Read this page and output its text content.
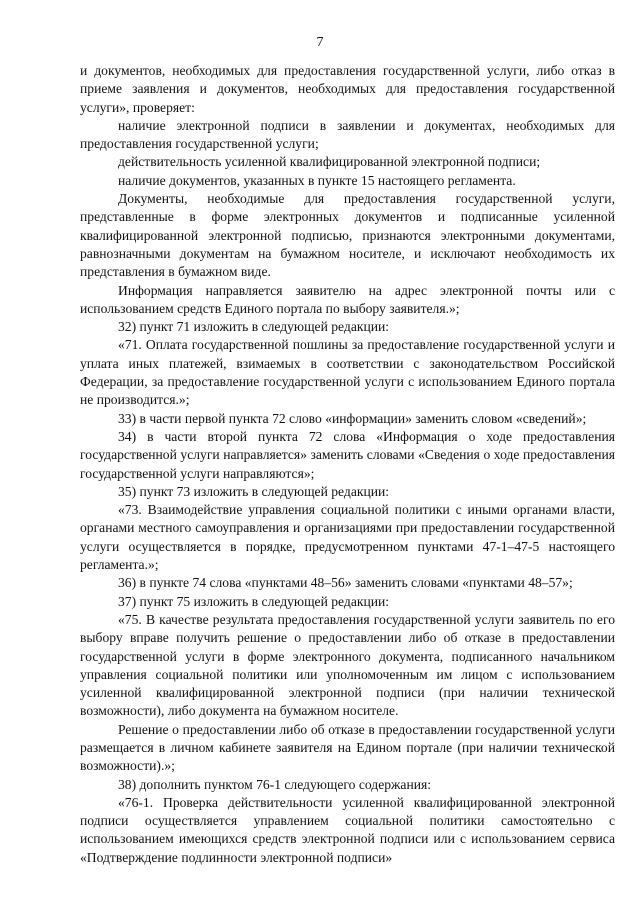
7

и документов, необходимых для предоставления государственной услуги, либо отказ в приеме заявления и документов, необходимых для предоставления государственной услуги», проверяет:

наличие электронной подписи в заявлении и документах, необходимых для предоставления государственной услуги;

действительность усиленной квалифицированной электронной подписи;

наличие документов, указанных в пункте 15 настоящего регламента.

Документы, необходимые для предоставления государственной услуги, представленные в форме электронных документов и подписанные усиленной квалифицированной электронной подписью, признаются электронными документами, равнозначными документам на бумажном носителе, и исключают необходимость их представления в бумажном виде.

Информация направляется заявителю на адрес электронной почты или с использованием средств Единого портала по выбору заявителя.»;

32) пункт 71 изложить в следующей редакции:

«71. Оплата государственной пошлины за предоставление государственной услуги и уплата иных платежей, взимаемых в соответствии с законодательством Российской Федерации, за предоставление государственной услуги с использованием Единого портала не производится.»;

33) в части первой пункта 72 слово «информации» заменить словом «сведений»;

34) в части второй пункта 72 слова «Информация о ходе предоставления государственной услуги направляется» заменить словами «Сведения о ходе предоставления государственной услуги направляются»;

35) пункт 73 изложить в следующей редакции:

«73. Взаимодействие управления социальной политики с иными органами власти, органами местного самоуправления и организациями при предоставлении государственной услуги осуществляется в порядке, предусмотренном пунктами 47-1–47-5 настоящего регламента.»;

36) в пункте 74 слова «пунктами 48–56» заменить словами «пунктами 48–57»;

37) пункт 75 изложить в следующей редакции:

«75. В качестве результата предоставления государственной услуги заявитель по его выбору вправе получить решение о предоставлении либо об отказе в предоставлении государственной услуги в форме электронного документа, подписанного начальником управления социальной политики или уполномоченным им лицом с использованием усиленной квалифицированной электронной подписи (при наличии технической возможности), либо документа на бумажном носителе.

Решение о предоставлении либо об отказе в предоставлении государственной услуги размещается в личном кабинете заявителя на Едином портале (при наличии технической возможности).»;

38) дополнить пунктом 76-1 следующего содержания:

«76-1. Проверка действительности усиленной квалифицированной электронной подписи осуществляется управлением социальной политики самостоятельно с использованием имеющихся средств электронной подписи или с использованием сервиса «Подтверждение подлинности электронной подписи»
